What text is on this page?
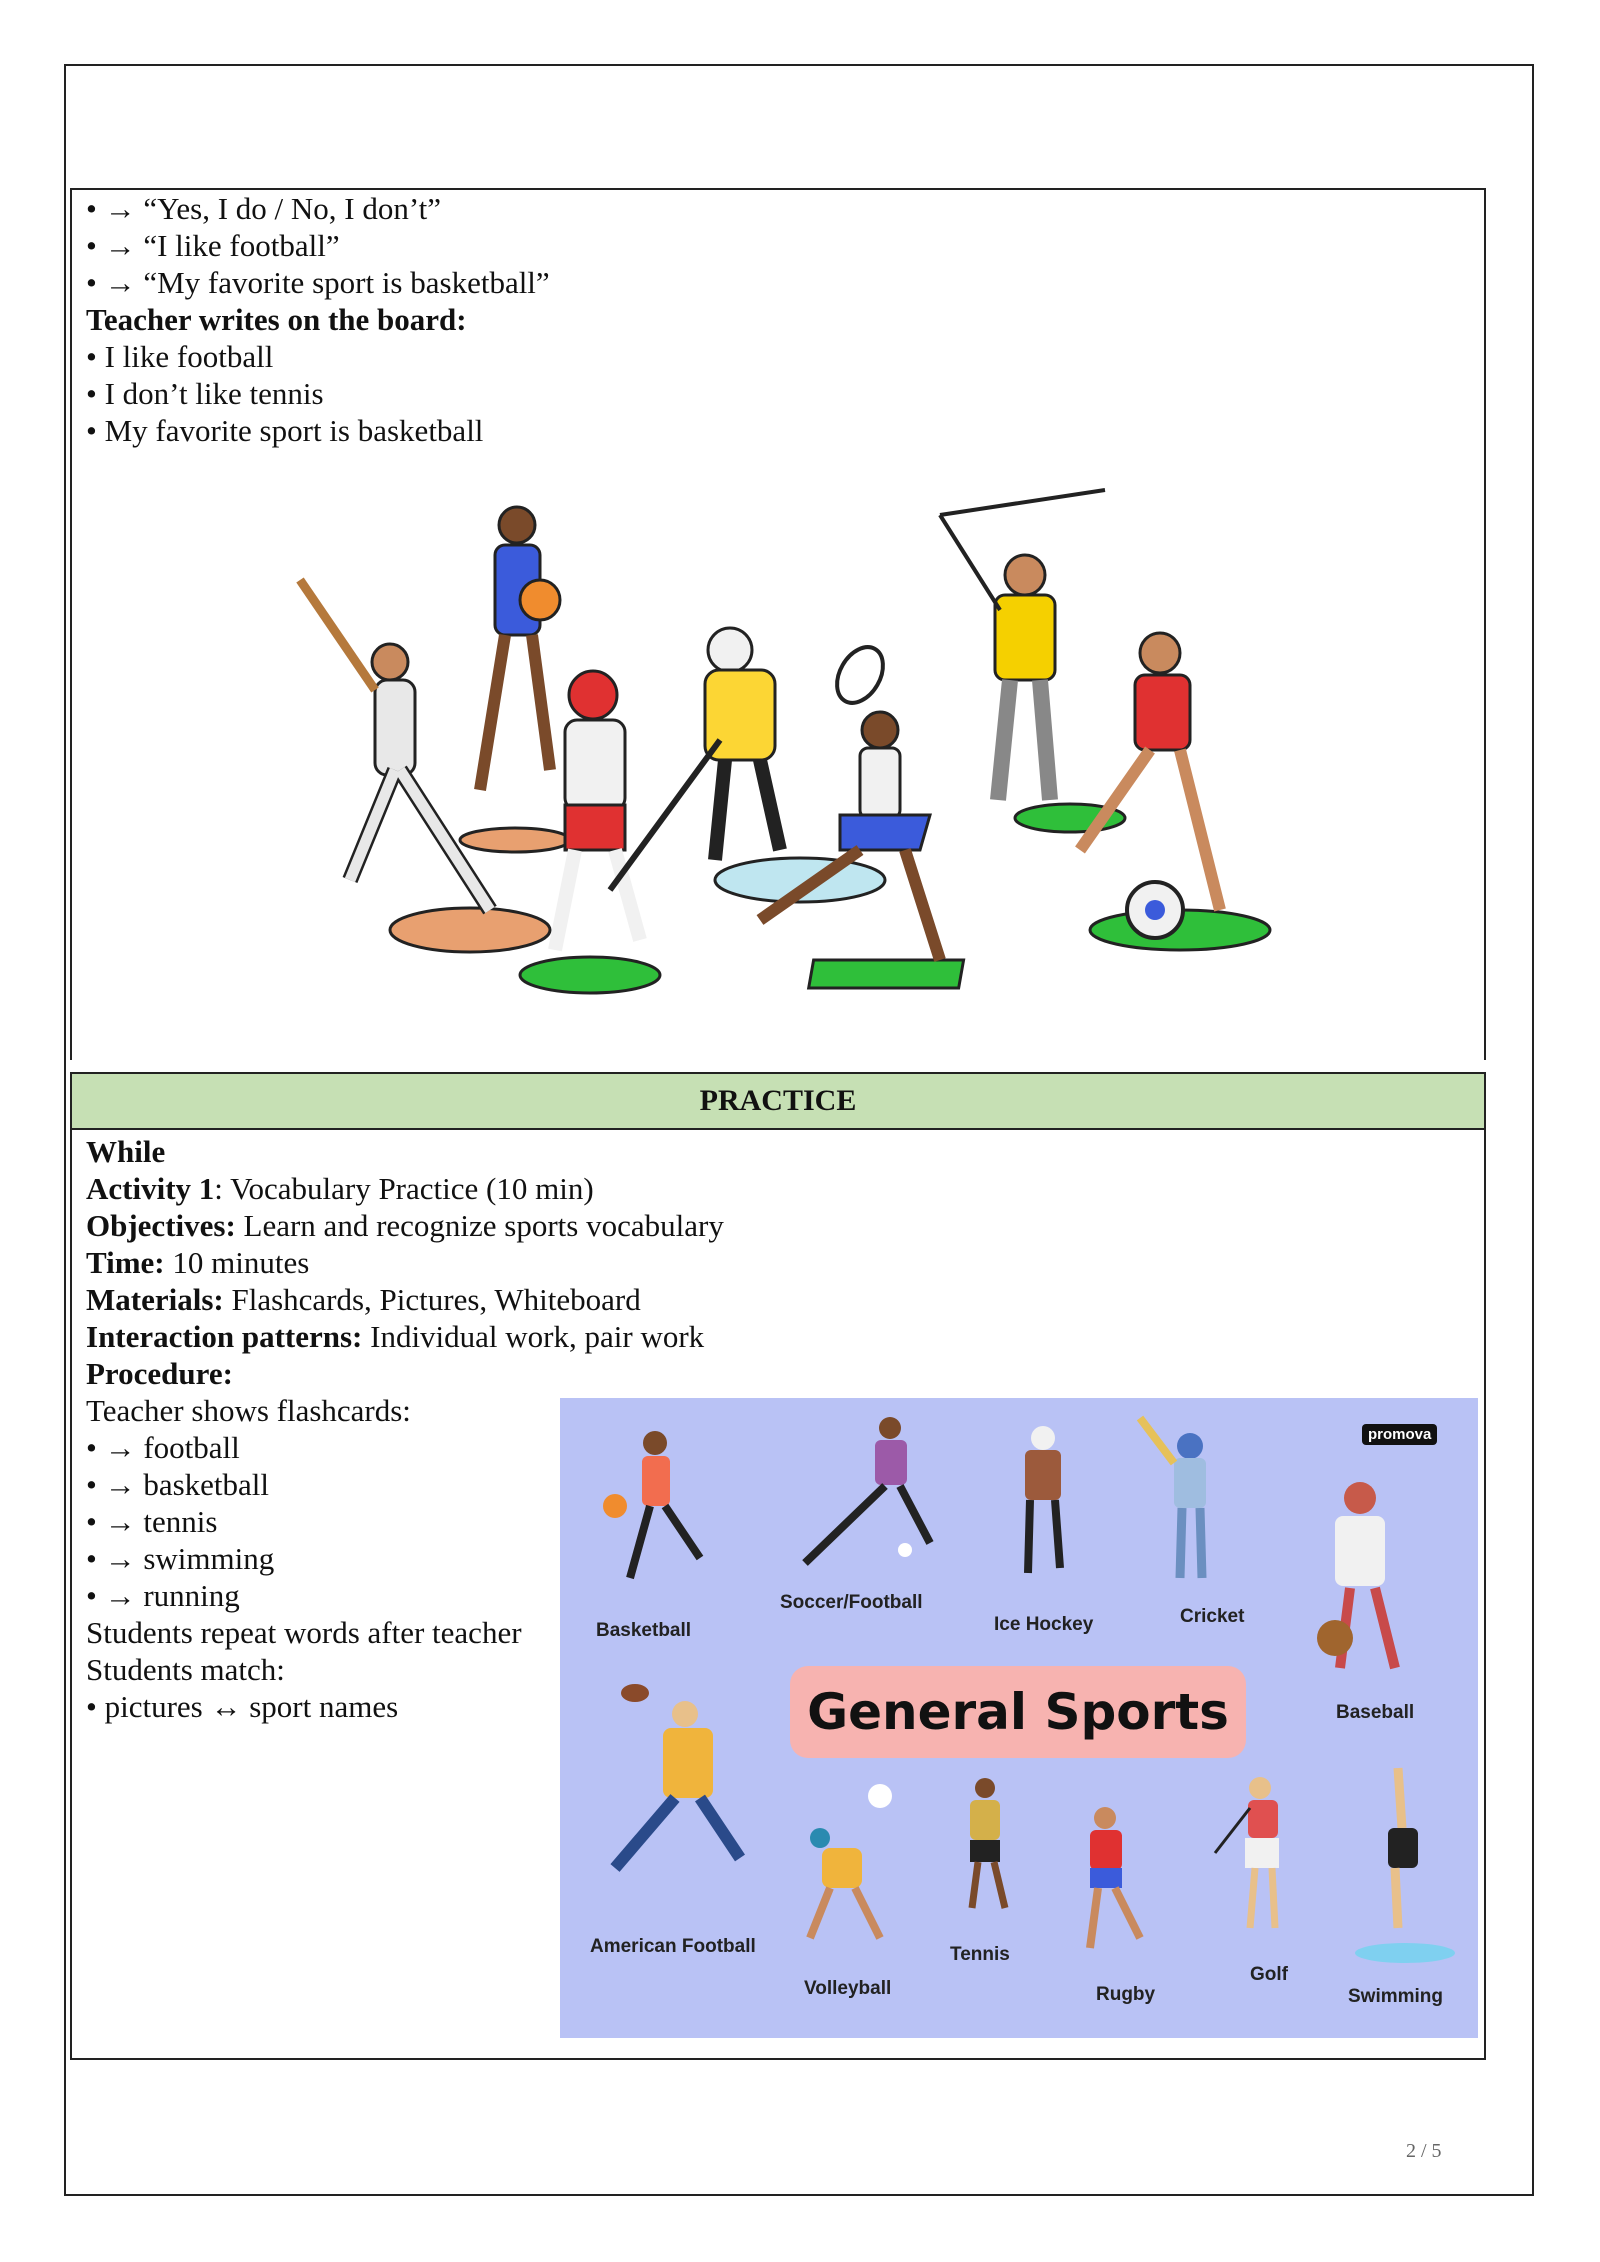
• → “Yes, I do / No, I don’t”
• → “I like football”
• → “My favorite sport is basketball”
Teacher writes on the board:
• I like football
• I don’t like tennis
• My favorite sport is basketball
PRACTICE
While
Activity 1: Vocabulary Practice (10 min)
Objectives: Learn and recognize sports vocabulary
Time: 10 minutes
Materials: Flashcards, Pictures, Whiteboard
Interaction patterns: Individual work, pair work
Procedure:
Teacher shows flashcards:
• → football
• → basketball
• → tennis
• → swimming
• → running
Students repeat words after teacher
Students match:
• pictures ↔ sport names
promova
General Sports
Basketball
Soccer/Football
Ice Hockey	Cricket
Baseball
American Football
Volleyball
Tennis
Rugby
Golf
Swimming
2 / 5
